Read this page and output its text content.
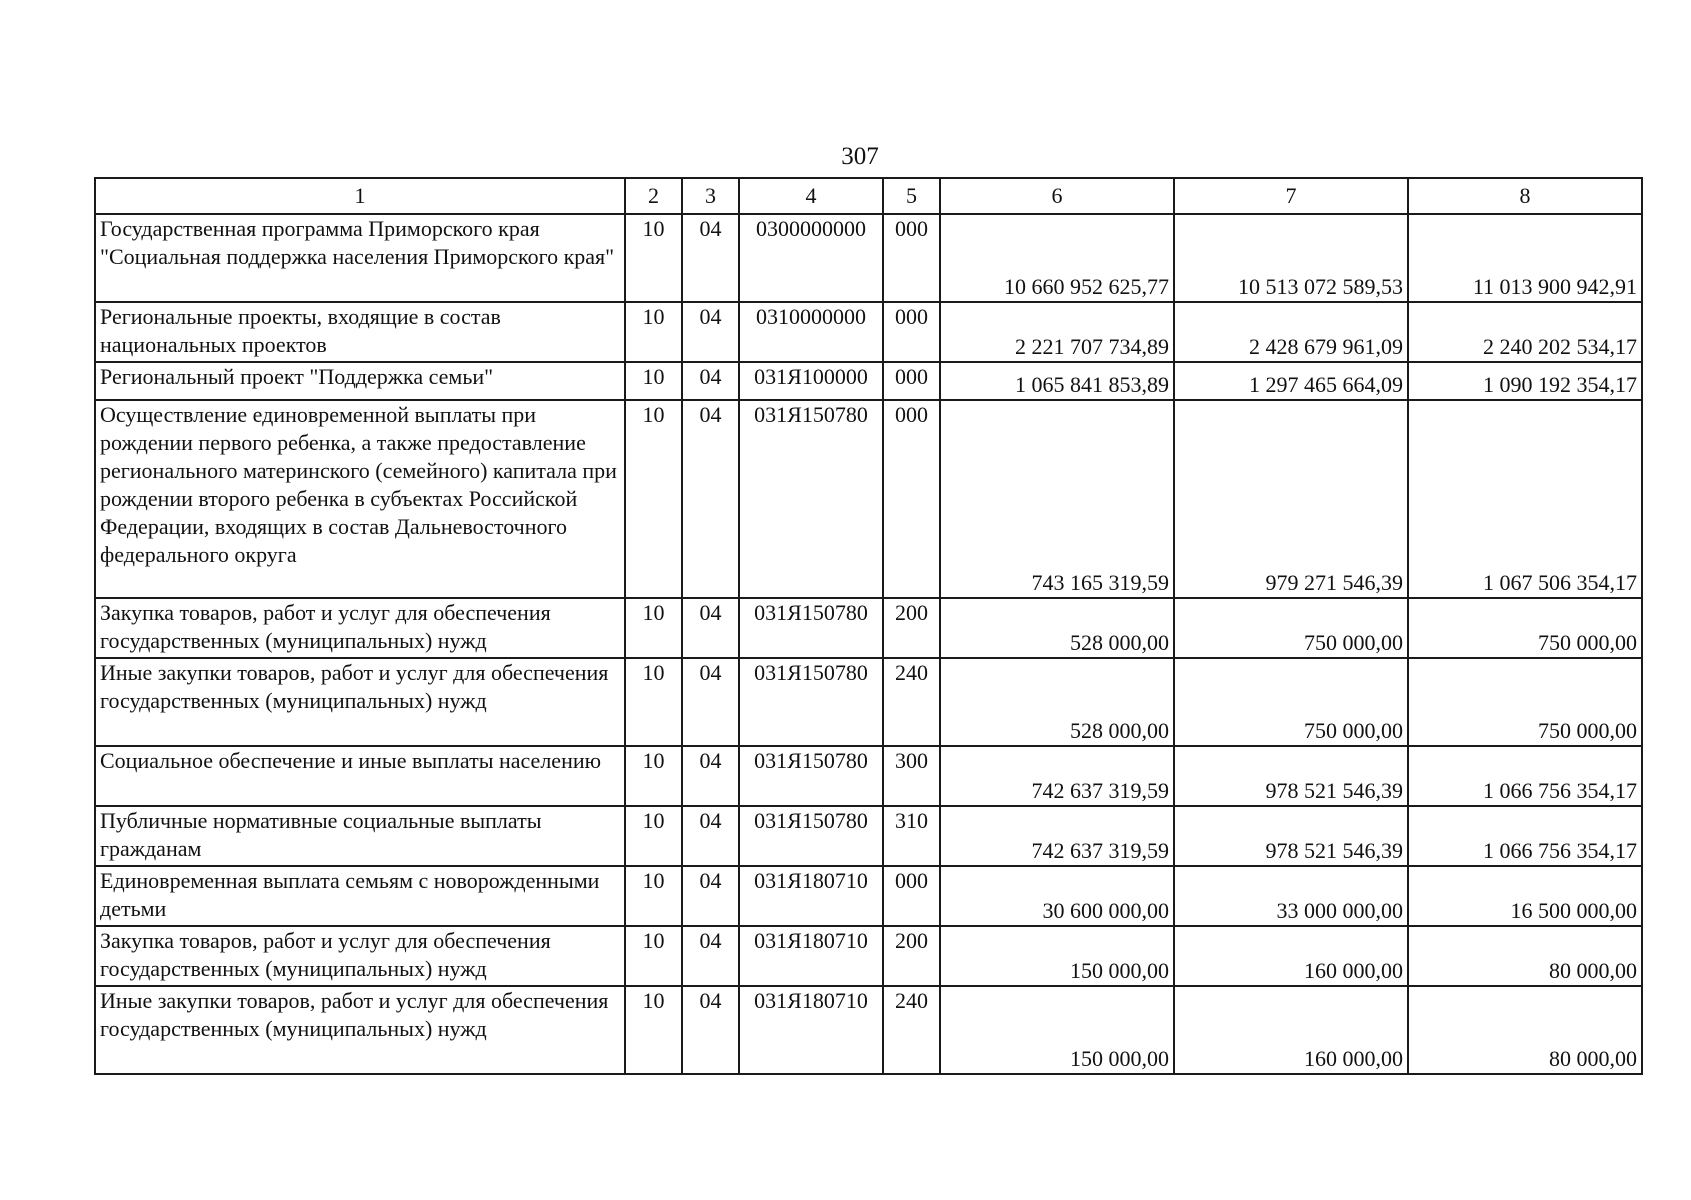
307
1	2	3	4	5	6	7	8
Государственная программа Приморского края "Социальная поддержка населения Приморского края"	10	04	0300000000	000	10 660 952 625,77	10 513 072 589,53	11 013 900 942,91
Региональные проекты, входящие в состав национальных проектов	10	04	0310000000	000	2 221 707 734,89	2 428 679 961,09	2 240 202 534,17
Региональный проект "Поддержка семьи"	10	04	031Я100000	000	1 065 841 853,89	1 297 465 664,09	1 090 192 354,17
Осуществление единовременной выплаты при рождении первого ребенка, а также предоставление регионального материнского (семейного) капитала при рождении второго ребенка в субъектах Российской Федерации, входящих в состав Дальневосточного федерального округа	10	04	031Я150780	000	743 165 319,59	979 271 546,39	1 067 506 354,17
Закупка товаров, работ и услуг для обеспечения государственных (муниципальных) нужд	10	04	031Я150780	200	528 000,00	750 000,00	750 000,00
Иные закупки товаров, работ и услуг для обеспечения государственных (муниципальных) нужд	10	04	031Я150780	240	528 000,00	750 000,00	750 000,00
Социальное обеспечение и иные выплаты населению	10	04	031Я150780	300	742 637 319,59	978 521 546,39	1 066 756 354,17
Публичные нормативные социальные выплаты гражданам	10	04	031Я150780	310	742 637 319,59	978 521 546,39	1 066 756 354,17
Единовременная выплата семьям с новорожденными детьми	10	04	031Я180710	000	30 600 000,00	33 000 000,00	16 500 000,00
Закупка товаров, работ и услуг для обеспечения государственных (муниципальных) нужд	10	04	031Я180710	200	150 000,00	160 000,00	80 000,00
Иные закупки товаров, работ и услуг для обеспечения государственных (муниципальных) нужд	10	04	031Я180710	240	150 000,00	160 000,00	80 000,00
